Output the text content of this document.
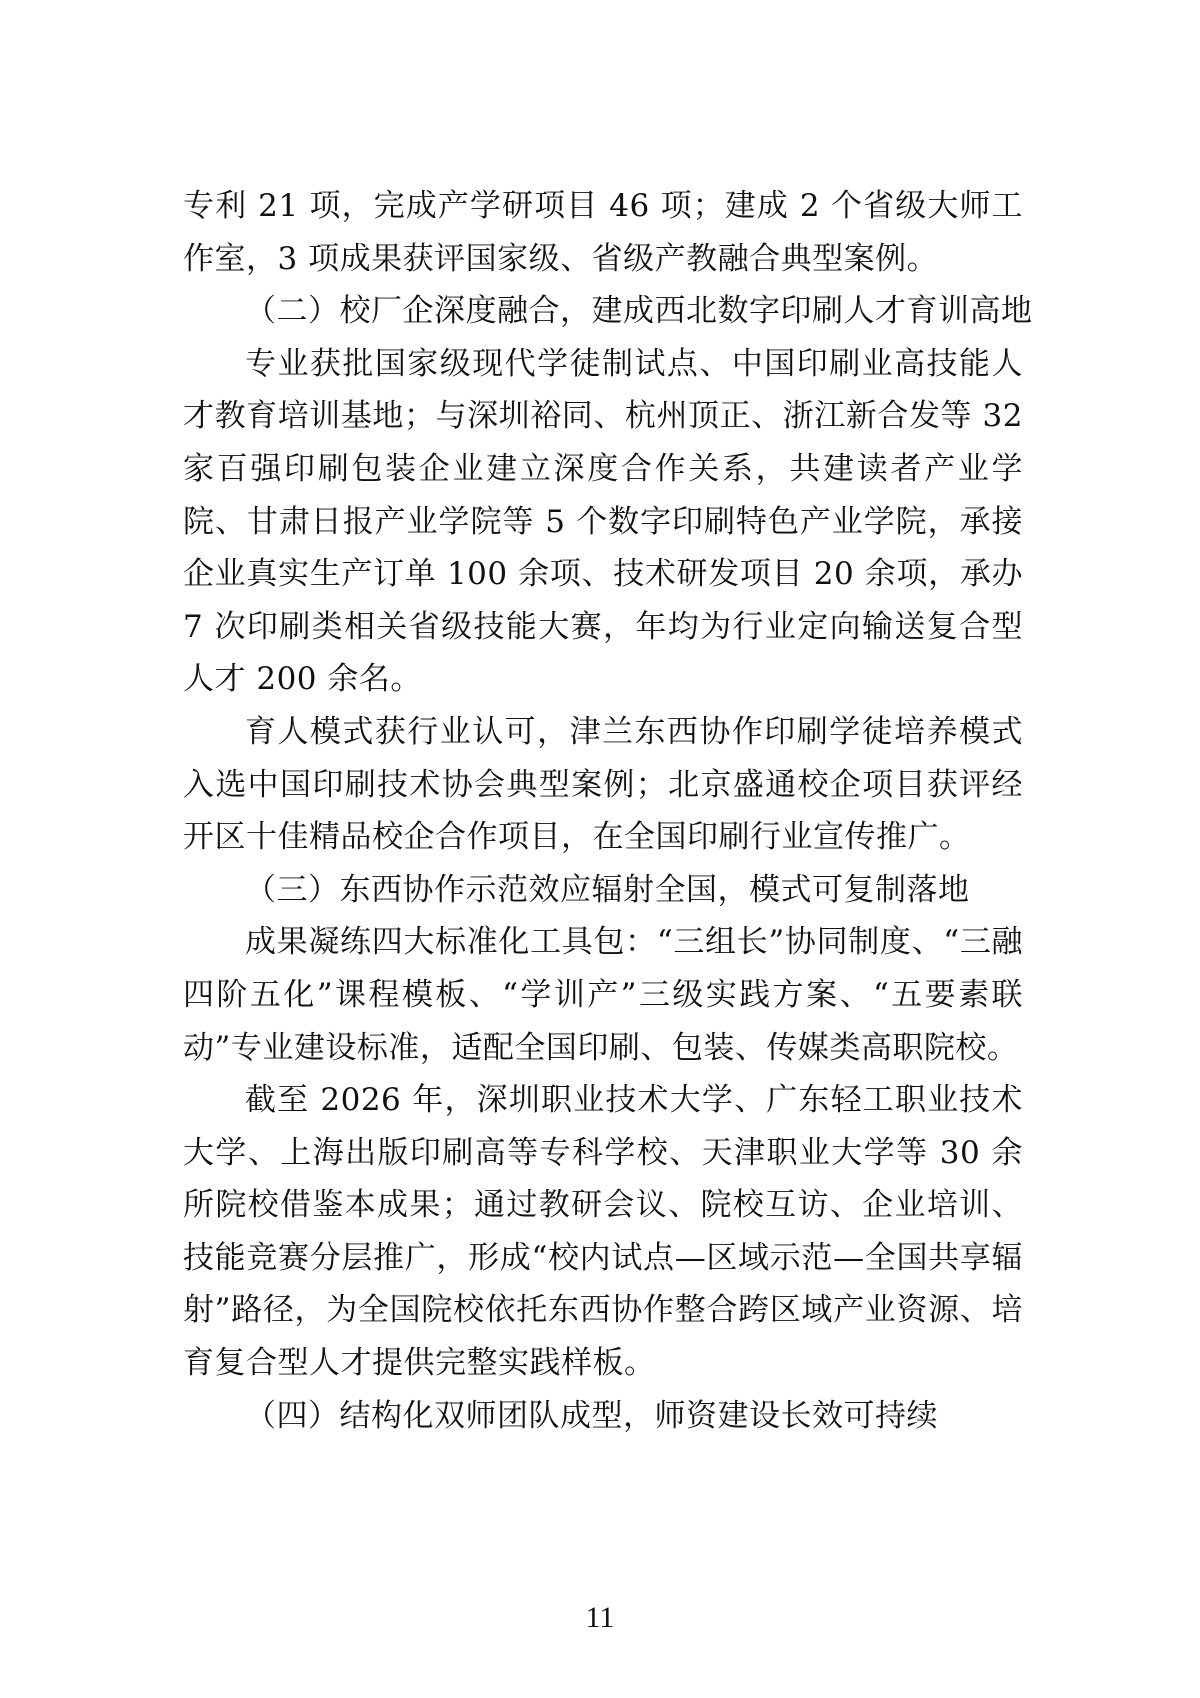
专利 21 项，完成产学研项目 46 项；建成 2 个省级大师工作室，3 项成果获评国家级、省级产教融合典型案例。

（二）校厂企深度融合，建成西北数字印刷人才育训高地

专业获批国家级现代学徒制试点、中国印刷业高技能人才教育培训基地；与深圳裕同、杭州顶正、浙江新合发等 32 家百强印刷包装企业建立深度合作关系，共建读者产业学院、甘肃日报产业学院等 5 个数字印刷特色产业学院，承接企业真实生产订单 100 余项、技术研发项目 20 余项，承办 7 次印刷类相关省级技能大赛，年均为行业定向输送复合型人才 200 余名。

育人模式获行业认可，津兰东西协作印刷学徒培养模式入选中国印刷技术协会典型案例；北京盛通校企项目获评经开区十佳精品校企合作项目，在全国印刷行业宣传推广。

（三）东西协作示范效应辐射全国，模式可复制落地

成果凝练四大标准化工具包：“三组长”协同制度、“三融四阶五化”课程模板、“学训产”三级实践方案、“五要素联动”专业建设标准，适配全国印刷、包装、传媒类高职院校。

截至 2026 年，深圳职业技术大学、广东轻工职业技术大学、上海出版印刷高等专科学校、天津职业大学等 30 余所院校借鉴本成果；通过教研会议、院校互访、企业培训、技能竞赛分层推广，形成“校内试点—区域示范—全国共享辐射”路径，为全国院校依托东西协作整合跨区域产业资源、培育复合型人才提供完整实践样板。

（四）结构化双师团队成型，师资建设长效可持续

11
